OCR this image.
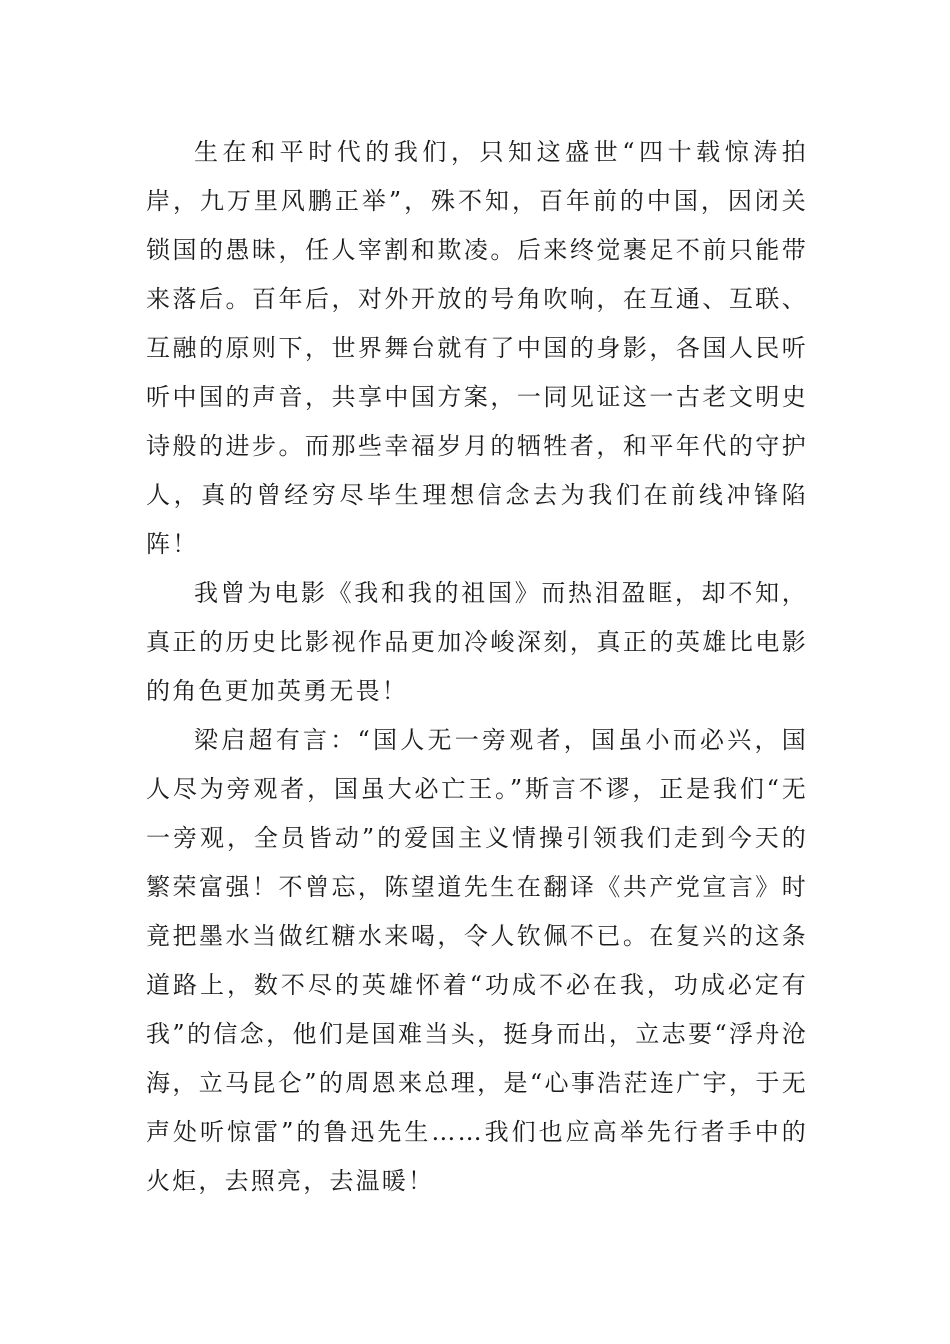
生在和平时代的我们，只知这盛世“四十载惊涛拍岸，九万里风鹏正举”，殊不知，百年前的中国，因闭关锁国的愚昧，任人宰割和欺凌。后来终觉裹足不前只能带来落后。百年后，对外开放的号角吹响，在互通、互联、互融的原则下，世界舞台就有了中国的身影，各国人民听听中国的声音，共享中国方案，一同见证这一古老文明史诗般的进步。而那些幸福岁月的牺牲者，和平年代的守护人，真的曾经穷尽毕生理想信念去为我们在前线冲锋陷阵！

我曾为电影《我和我的祖国》而热泪盈眶，却不知，真正的历史比影视作品更加冷峻深刻，真正的英雄比电影的角色更加英勇无畏！

梁启超有言：“国人无一旁观者，国虽小而必兴，国人尽为旁观者，国虽大必亡王。”斯言不谬，正是我们“无一旁观，全员皆动”的爱国主义情操引领我们走到今天的繁荣富强！不曾忘，陈望道先生在翻译《共产党宣言》时竟把墨水当做红糖水来喝，令人钦佩不已。在复兴的这条道路上，数不尽的英雄怀着“功成不必在我，功成必定有我”的信念，他们是国难当头，挺身而出，立志要“浮舟沧海，立马昆仑”的周恩来总理，是“心事浩茫连广宇，于无声处听惊雷”的鲁迅先生……我们也应高举先行者手中的火炬，去照亮，去温暖！
